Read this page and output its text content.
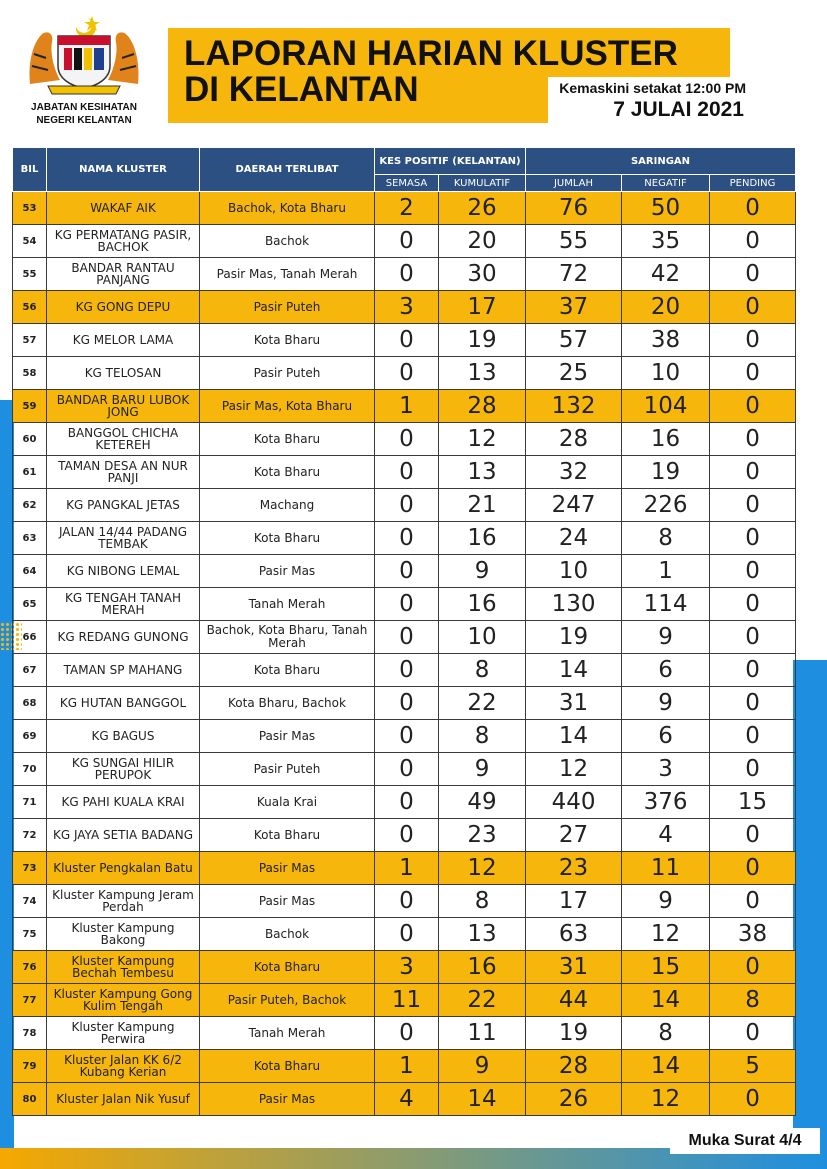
JABATAN KESIHATAN
NEGERI KELANTAN
LAPORAN HARIAN KLUSTER
DI KELANTAN	Kemaskini setakat 12:00 PM
7 JULAI 2021
BIL	NAMA KLUSTER	DAERAH TERLIBAT	KES POSITIF (KELANTAN)		SARINGAN		
			SEMASA	KUMULATIF	JUMLAH	NEGATIF	PENDING
53	WAKAF AIK	Bachok, Kota Bharu	2	26	76	50	0
54	KG PERMATANG PASIR, BACHOK	Bachok	0	20	55	35	0
55	BANDAR RANTAU PANJANG	Pasir Mas, Tanah Merah	0	30	72	42	0
56	KG GONG DEPU	Pasir Puteh	3	17	37	20	0
57	KG MELOR LAMA	Kota Bharu	0	19	57	38	0
58	KG TELOSAN	Pasir Puteh	0	13	25	10	0
59	BANDAR BARU LUBOK JONG	Pasir Mas, Kota Bharu	1	28	132	104	0
60	BANGGOL CHICHA KETEREH	Kota Bharu	0	12	28	16	0
61	TAMAN DESA AN NUR PANJI	Kota Bharu	0	13	32	19	0
62	KG PANGKAL JETAS	Machang	0	21	247	226	0
63	JALAN 14/44 PADANG TEMBAK	Kota Bharu	0	16	24	8	0
64	KG NIBONG LEMAL	Pasir Mas	0	9	10	1	0
65	KG TENGAH TANAH MERAH	Tanah Merah	0	16	130	114	0
66	KG REDANG GUNONG	Bachok, Kota Bharu, Tanah Merah	0	10	19	9	0
67	TAMAN SP MAHANG	Kota Bharu	0	8	14	6	0
68	KG HUTAN BANGGOL	Kota Bharu, Bachok	0	22	31	9	0
69	KG BAGUS	Pasir Mas	0	8	14	6	0
70	KG SUNGAI HILIR PERUPOK	Pasir Puteh	0	9	12	3	0
71	KG PAHI KUALA KRAI	Kuala Krai	0	49	440	376	15
72	KG JAYA SETIA BADANG	Kota Bharu	0	23	27	4	0
73	Kluster Pengkalan Batu	Pasir Mas	1	12	23	11	0
74	Kluster Kampung Jeram Perdah	Pasir Mas	0	8	17	9	0
75	Kluster Kampung Bakong	Bachok	0	13	63	12	38
76	Kluster Kampung Bechah Tembesu	Kota Bharu	3	16	31	15	0
77	Kluster Kampung Gong Kulim Tengah	Pasir Puteh, Bachok	11	22	44	14	8
78	Kluster Kampung Perwira	Tanah Merah	0	11	19	8	0
79	Kluster Jalan KK 6/2 Kubang Kerian	Kota Bharu	1	9	28	14	5
80	Kluster Jalan Nik Yusuf	Pasir Mas	4	14	26	12	0
Muka Surat 4/4
